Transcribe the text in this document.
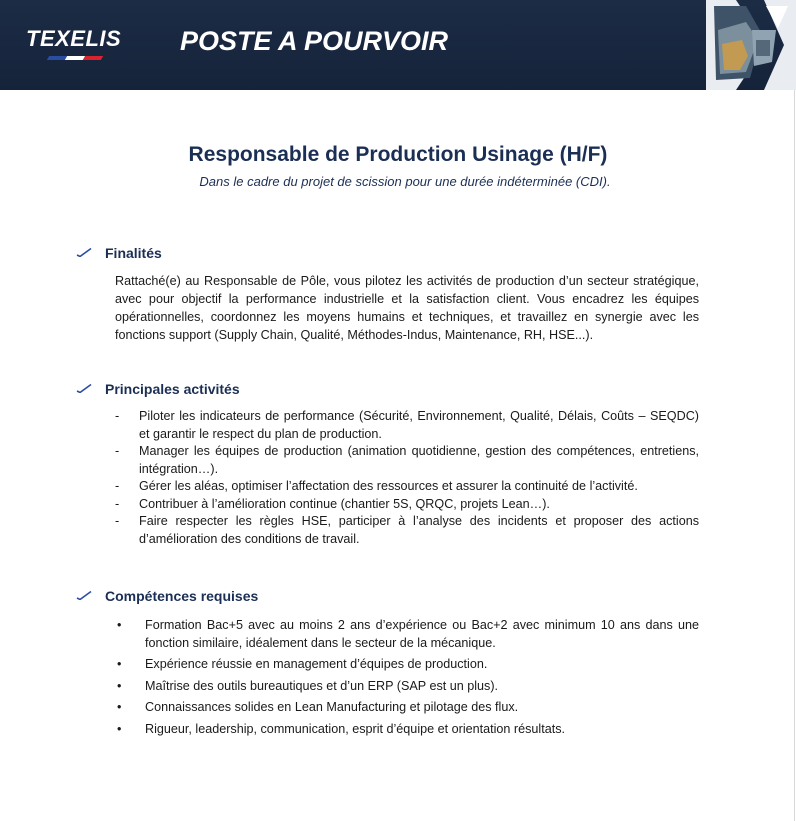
TEXELIS POSTE A POURVOIR
Responsable de Production Usinage (H/F)
Dans le cadre du projet de scission pour une durée indéterminée (CDI).
Finalités
Rattaché(e) au Responsable de Pôle, vous pilotez les activités de production d’un secteur stratégique, avec pour objectif la performance industrielle et la satisfaction client. Vous encadrez les équipes opérationnelles, coordonnez les moyens humains et techniques, et travaillez en synergie avec les fonctions support (Supply Chain, Qualité, Méthodes-Indus, Maintenance, RH, HSE...).
Principales activités
- Piloter les indicateurs de performance (Sécurité, Environnement, Qualité, Délais, Coûts – SEQDC) et garantir le respect du plan de production.
- Manager les équipes de production (animation quotidienne, gestion des compétences, entretiens, intégration…).
- Gérer les aléas, optimiser l’affectation des ressources et assurer la continuité de l’activité.
- Contribuer à l’amélioration continue (chantier 5S, QRQC, projets Lean…).
- Faire respecter les règles HSE, participer à l’analyse des incidents et proposer des actions d’amélioration des conditions de travail.
Compétences requises
• Formation Bac+5 avec au moins 2 ans d’expérience ou Bac+2 avec minimum 10 ans dans une fonction similaire, idéalement dans le secteur de la mécanique.
• Expérience réussie en management d’équipes de production.
• Maîtrise des outils bureautiques et d’un ERP (SAP est un plus).
• Connaissances solides en Lean Manufacturing et pilotage des flux.
• Rigueur, leadership, communication, esprit d’équipe et orientation résultats.
